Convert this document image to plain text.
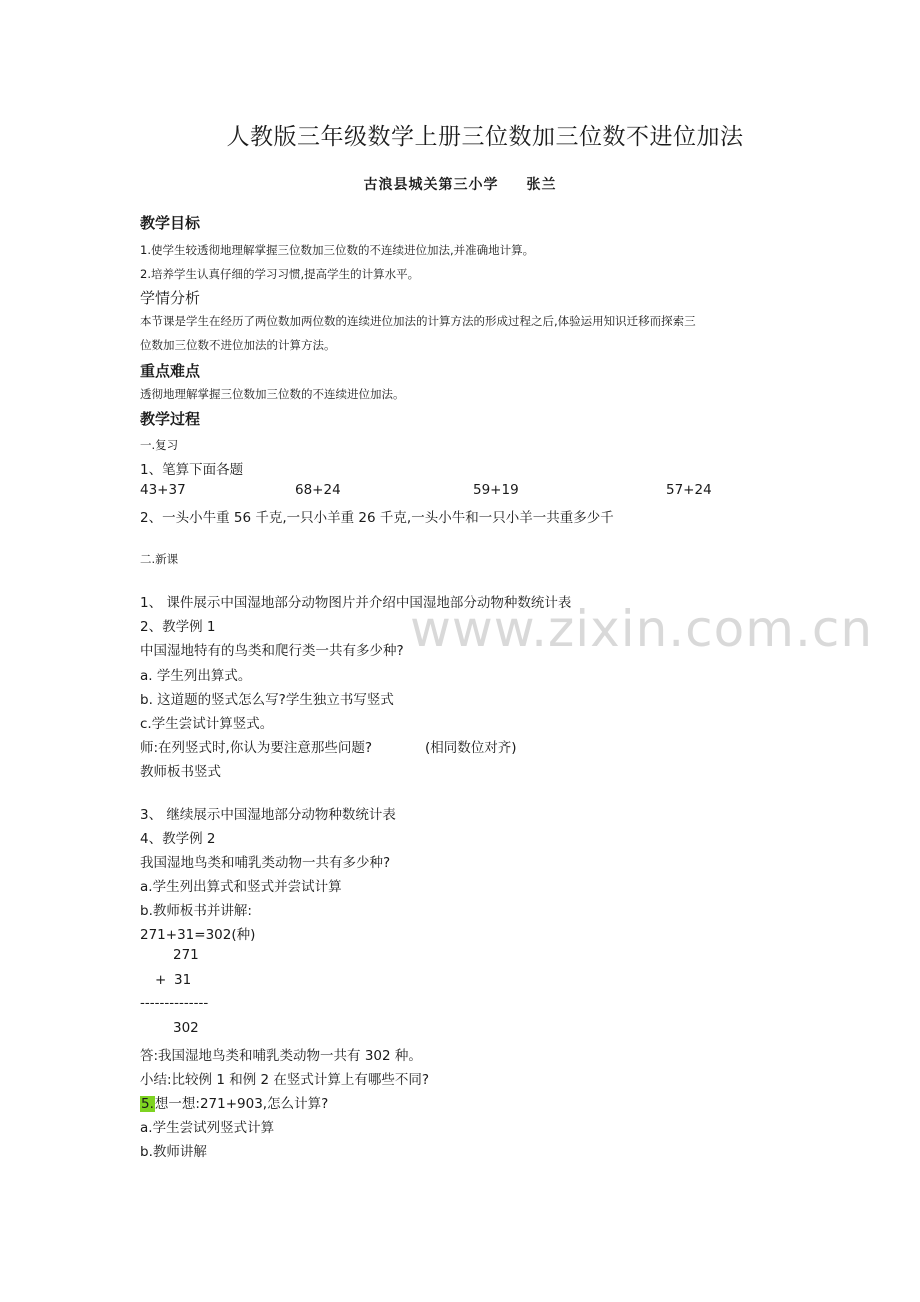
www.zixin.com.cn
人教版三年级数学上册三位数加三位数不进位加法
古浪县城关第三小学 张兰
教学目标
1.使学生较透彻地理解掌握三位数加三位数的不连续进位加法,并准确地计算。
2.培养学生认真仔细的学习习惯,提高学生的计算水平。
学情分析
本节课是学生在经历了两位数加两位数的连续进位加法的计算方法的形成过程之后,体验运用知识迁移而探索三
位数加三位数不进位加法的计算方法。
重点难点
透彻地理解掌握三位数加三位数的不连续进位加法。
教学过程
一.复习
1、笔算下面各题
43+37	68+24	59+19	57+24
2、一头小牛重 56 千克,一只小羊重 26 千克,一头小牛和一只小羊一共重多少千
二.新课
1、 课件展示中国湿地部分动物图片并介绍中国湿地部分动物种数统计表
2、教学例 1
中国湿地特有的鸟类和爬行类一共有多少种?
a. 学生列出算式。
b. 这道题的竖式怎么写?学生独立书写竖式
c.学生尝试计算竖式。
师:在列竖式时,你认为要注意那些问题?	(相同数位对齐)
教师板书竖式
3、 继续展示中国湿地部分动物种数统计表
4、教学例 2
我国湿地鸟类和哺乳类动物一共有多少种?
a.学生列出算式和竖式并尝试计算
b.教师板书并讲解:
271+31=302(种)
271
+ 31
--------------
302
答:我国湿地鸟类和哺乳类动物一共有 302 种。
小结:比较例 1 和例 2 在竖式计算上有哪些不同?
5.想一想:271+903,怎么计算?
a.学生尝试列竖式计算
b.教师讲解
